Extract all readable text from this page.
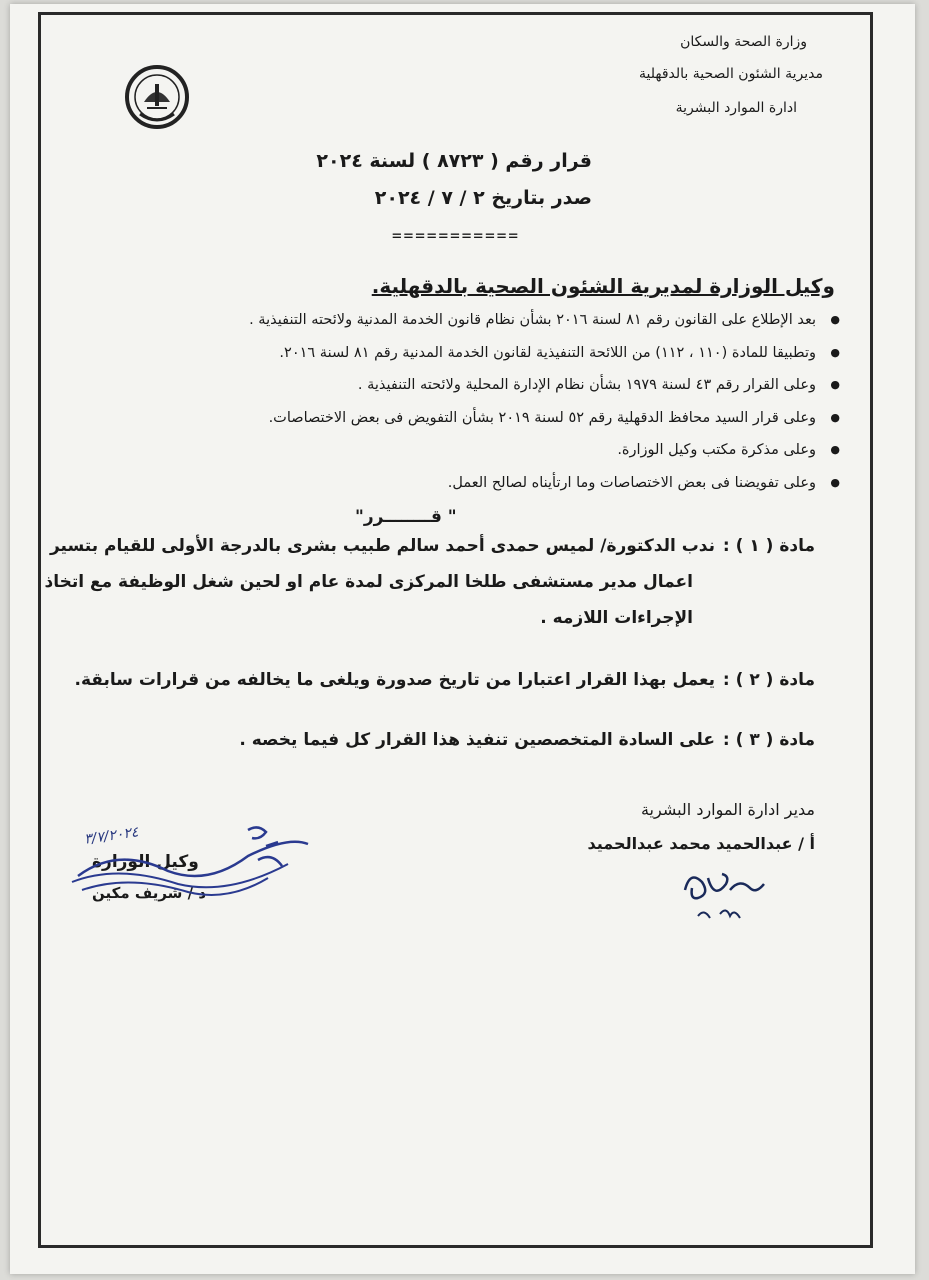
وزارة الصحة والسكان
مديرية الشئون الصحية بالدقهلية
ادارة الموارد البشرية
قرار رقم ( ٨٧٢٣ ) لسنة ٢٠٢٤
صدر بتاريخ ٢ / ٧ / ٢٠٢٤
===========
وكيل الوزارة لمديرية الشئون الصحية بالدقهلية.
● بعد الإطلاع على القانون رقم ٨١ لسنة ٢٠١٦ بشأن نظام قانون الخدمة المدنية ولائحته التنفيذية .
● وتطبيقا للمادة (١١٠ ، ١١٢) من اللائحة التنفيذية لقانون الخدمة المدنية رقم ٨١ لسنة ٢٠١٦.
● وعلى القرار رقم ٤٣ لسنة ١٩٧٩ بشأن نظام الإدارة المحلية ولائحته التنفيذية .
● وعلى قرار السيد محافظ الدقهلية رقم ٥٢ لسنة ٢٠١٩ بشأن التفويض فى بعض الاختصاصات.
● وعلى مذكرة مكتب وكيل الوزارة.
● وعلى تفويضنا فى بعض الاختصاصات وما ارتأيناه لصالح العمل.
" قــــــــرر"
مادة ( ١ ) :
ندب الدكتورة/ لميس حمدى أحمد سالم طبيب بشرى بالدرجة الأولى للقيام بتسير
اعمال مدير مستشفى طلخا المركزى لمدة عام او لحين شغل الوظيفة مع اتخاذ
الإجراءات اللازمه .
مادة ( ٢ ) :
يعمل بهذا القرار اعتبارا من تاريخ صدورة ويلغى ما يخالفه من قرارات سابقة.
مادة ( ٣ ) :
على السادة المتخصصين تنفيذ هذا القرار كل فيما يخصه .
مدير ادارة الموارد البشرية
أ / عبدالحميد محمد عبدالحميد
وكيل الوزارة
د / شريف مكين
٣/٧/٢٠٢٤
